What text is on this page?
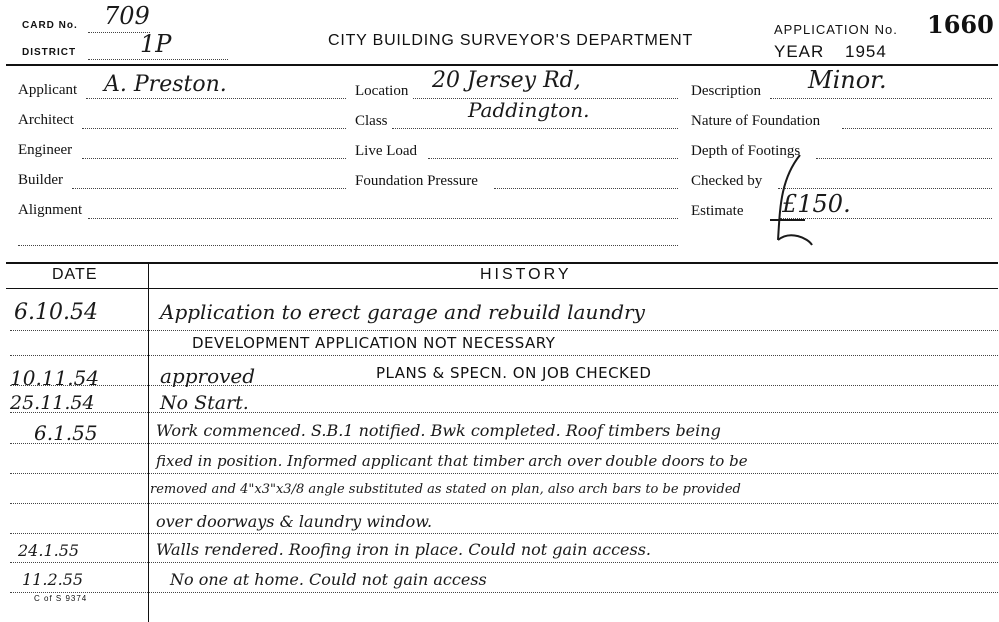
CARD No. 709
DISTRICT	1P	CITY BUILDING SURVEYOR'S DEPARTMENT
APPLICATION No. 1660
YEAR 1954
Applicant A. Preston.
Architect
Engineer
Builder
Alignment
Location 20 Jersey Rd,
Paddington.
Class
Live Load
Foundation Pressure
Description Minor.
Nature of Foundation
Depth of Footings
Checked by
Estimate £150.
DATE	HISTORY
6.10.54	Application to erect garage and rebuild laundry
DEVELOPMENT APPLICATION NOT NECESSARY
10.11.54	approved	PLANS & SPECN. ON JOB CHECKED
25.11.54	No Start.
6.1.55	Work commenced. S.B.1 notified. Bwk completed. Roof timbers being
fixed in position. Informed applicant that timber arch over double doors to be
removed and 4"x3"x3/8 angle substituted as stated on plan, also arch bars to be provided
over doorways & laundry window.
24.1.55	Walls rendered. Roofing iron in place. Could not gain access.
11.2.55	No one at home. Could not gain access
C of S 9374
